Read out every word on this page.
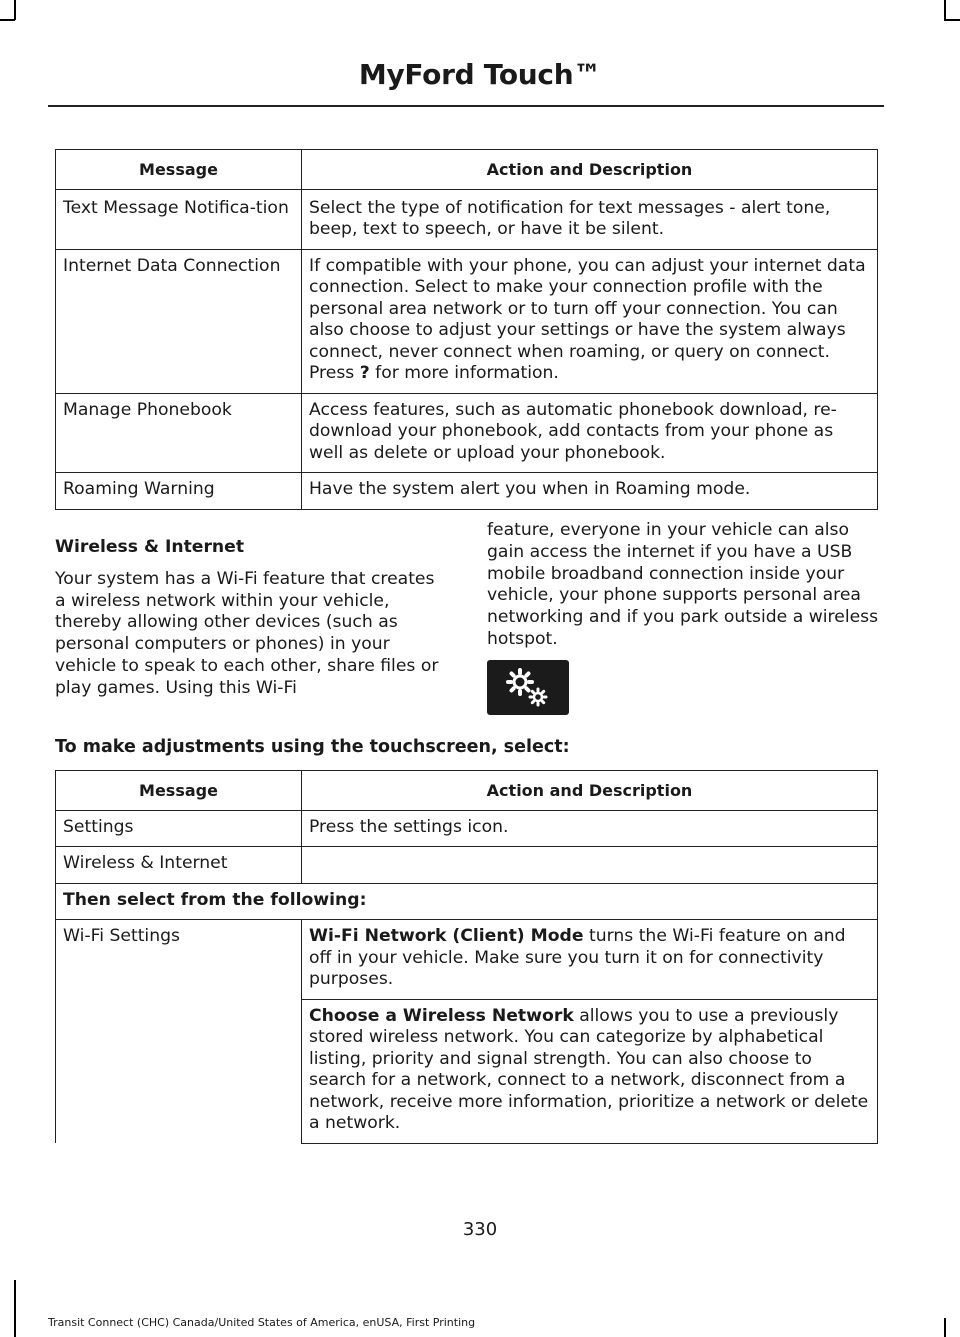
MyFord Touch™
Message	Action and Description
Text Message Notifica-tion	Select the type of notification for text messages - alert tone, beep, text to speech, or have it be silent.
Internet Data Connection	If compatible with your phone, you can adjust your internet data connection. Select to make your connection profile with the personal area network or to turn off your connection. You can also choose to adjust your settings or have the system always connect, never connect when roaming, or query on connect. Press ? for more information.
Manage Phonebook	Access features, such as automatic phonebook download, re-download your phonebook, add contacts from your phone as well as delete or upload your phonebook.
Roaming Warning	Have the system alert you when in Roaming mode.

Wireless & Internet

Your system has a Wi-Fi feature that creates a wireless network within your vehicle, thereby allowing other devices (such as personal computers or phones) in your vehicle to speak to each other, share files or play games. Using this Wi-Fi

feature, everyone in your vehicle can also gain access the internet if you have a USB mobile broadband connection inside your vehicle, your phone supports personal area networking and if you park outside a wireless hotspot.

To make adjustments using the touchscreen, select:
Message	Action and Description
Settings	Press the settings icon.
Wireless & Internet	
Then select from the following:	
Wi-Fi Settings	Wi-Fi Network (Client) Mode turns the Wi-Fi feature on and off in your vehicle. Make sure you turn it on for connectivity purposes.
	Choose a Wireless Network allows you to use a previously stored wireless network. You can categorize by alphabetical listing, priority and signal strength. You can also choose to search for a network, connect to a network, disconnect from a network, receive more information, prioritize a network or delete a network.
330
Transit Connect (CHC) Canada/United States of America, enUSA, First Printing
